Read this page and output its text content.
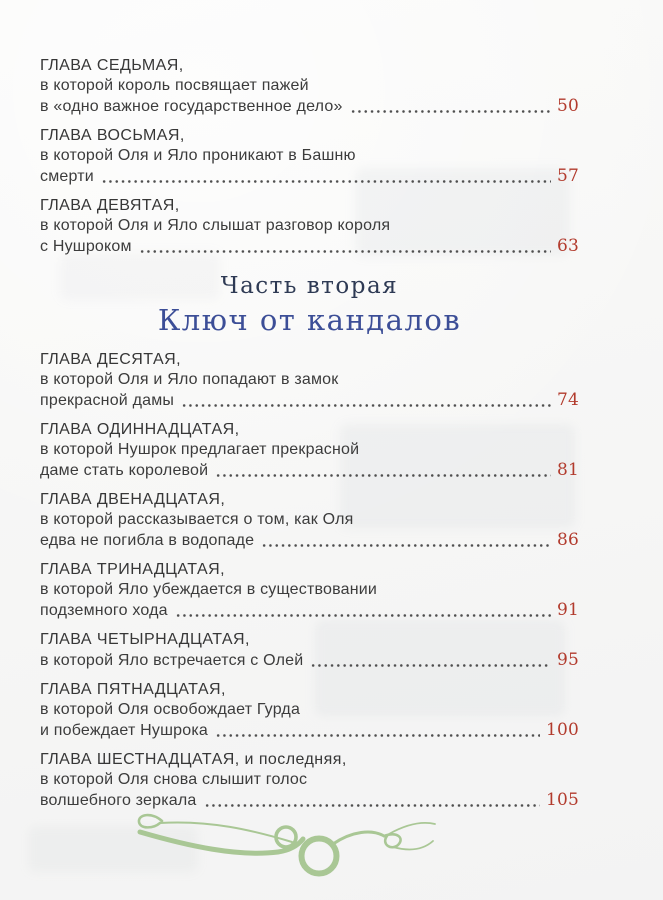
ГЛАВА СЕДЬМАЯ,
в которой король посвящает пажей
в «одно важное государственное дело»	50
ГЛАВА ВОСЬМАЯ,
в которой Оля и Яло проникают в Башню
смерти	57
ГЛАВА ДЕВЯТАЯ,
в которой Оля и Яло слышат разговор короля
с Нушроком	63
Часть вторая
Ключ от кандалов
ГЛАВА ДЕСЯТАЯ,
в которой Оля и Яло попадают в замок
прекрасной дамы	74
ГЛАВА ОДИННАДЦАТАЯ,
в которой Нушрок предлагает прекрасной
даме стать королевой	81
ГЛАВА ДВЕНАДЦАТАЯ,
в которой рассказывается о том, как Оля
едва не погибла в водопаде	86
ГЛАВА ТРИНАДЦАТАЯ,
в которой Яло убеждается в существовании
подземного хода	91
ГЛАВА ЧЕТЫРНАДЦАТАЯ,
в которой Яло встречается с Олей	95
ГЛАВА ПЯТНАДЦАТАЯ,
в которой Оля освобождает Гурда
и побеждает Нушрока	100
ГЛАВА ШЕСТНАДЦАТАЯ, и последняя,
в которой Оля снова слышит голос
волшебного зеркала	105
